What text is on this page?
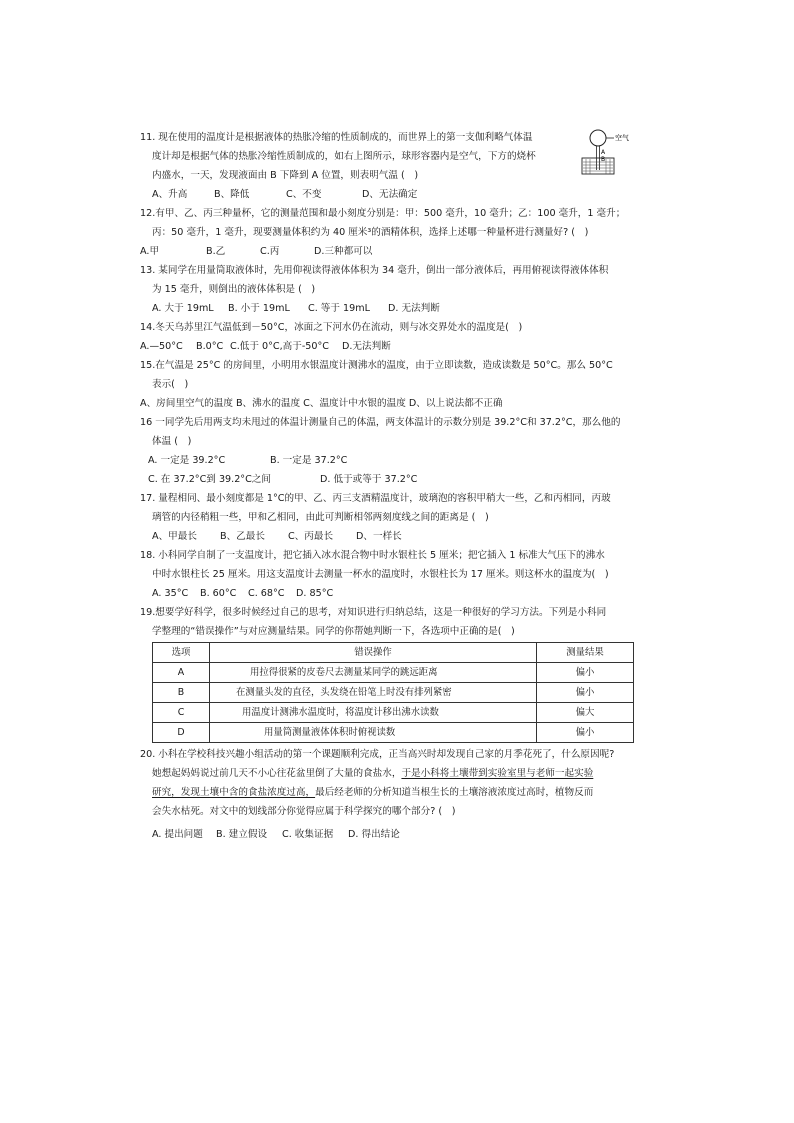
空气
A
B
11. 现在使用的温度计是根据液体的热胀冷缩的性质制成的，而世界上的第一支伽利略气体温
度计却是根据气体的热胀冷缩性质制成的，如右上图所示，球形容器内是空气，下方的烧杯
内盛水，一天，发现液面由 B 下降到 A 位置，则表明气温 (　)
A、升高	B、降低	C、不变	D、无法确定
12.有甲、乙、丙三种量杯，它的测量范围和最小刻度分别是：甲：500 毫升，10 毫升；乙：100 毫升，1 毫升；
丙：50 毫升，1 毫升，现要测量体积约为 40 厘米³的酒精体积，选择上述哪一种量杯进行测量好? (　)
A.甲	B.乙	C.丙	D.三种都可以
13. 某同学在用量筒取液体时，先用仰视读得液体体积为 34 毫升，倒出一部分液体后，再用俯视读得液体体积
为 15 毫升，则倒出的液体体积是 (　)
A. 大于 19mL	B. 小于 19mL	C. 等于 19mL	D. 无法判断
14.冬天乌苏里江气温低到－50°C，冰面之下河水仍在流动，则与冰交界处水的温度是(　)
A.—50°C	B.0°C C.低于 0°C,高于-50°C	D.无法判断
15.在气温是 25°C 的房间里，小明用水银温度计测沸水的温度，由于立即读数，造成读数是 50°C。那么 50°C
表示(　)
A、房间里空气的温度 B、沸水的温度 C、温度计中水银的温度 D、以上说法都不正确
16 一同学先后用两支均未甩过的体温计测量自己的体温，两支体温计的示数分别是 39.2°C和 37.2°C，那么他的
体温 (　)
A. 一定是 39.2°C	B. 一定是 37.2°C
C. 在 37.2°C到 39.2°C之间	D. 低于或等于 37.2°C
17. 量程相同、最小刻度都是 1°C的甲、乙、丙三支酒精温度计，玻璃泡的容积甲稍大一些，乙和丙相同，丙玻
璃管的内径稍粗一些，甲和乙相同，由此可判断相邻两刻度线之间的距离是 (　)
A、甲最长	B、乙最长	C、丙最长	D、一样长
18. 小科同学自制了一支温度计，把它插入冰水混合物中时水银柱长 5 厘米；把它插入 1 标准大气压下的沸水
中时水银柱长 25 厘米。用这支温度计去测量一杯水的温度时，水银柱长为 17 厘米。则这杯水的温度为(　)
A. 35°C	B. 60°C	C. 68°C	D. 85°C
19.想要学好科学，很多时候经过自己的思考，对知识进行归纳总结，这是一种很好的学习方法。下列是小科同
学整理的“错误操作”与对应测量结果。同学的你帮她判断一下，各选项中正确的是(　)
选项	错误操作	测量结果
A	用拉得很紧的皮卷尺去测量某同学的跳远距离	偏小
B	在测量头发的直径，头发绕在铅笔上时没有排列紧密	偏小
C	用温度计测沸水温度时，将温度计移出沸水读数	偏大
D	用量筒测量液体体积时俯视读数	偏小
20. 小科在学校科技兴趣小组活动的第一个课题顺利完成，正当高兴时却发现自己家的月季花死了，什么原因呢?
她想起妈妈说过前几天不小心往花盆里倒了大量的食盐水，于是小科将土壤带到实验室里与老师一起实验
研究，发现土壤中含的食盐浓度过高，最后经老师的分析知道当根生长的土壤溶液浓度过高时，植物反而
会失水枯死。对文中的划线部分你觉得应属于科学探究的哪个部分? (　)
A. 提出问题	B. 建立假设	C. 收集证据	D. 得出结论
